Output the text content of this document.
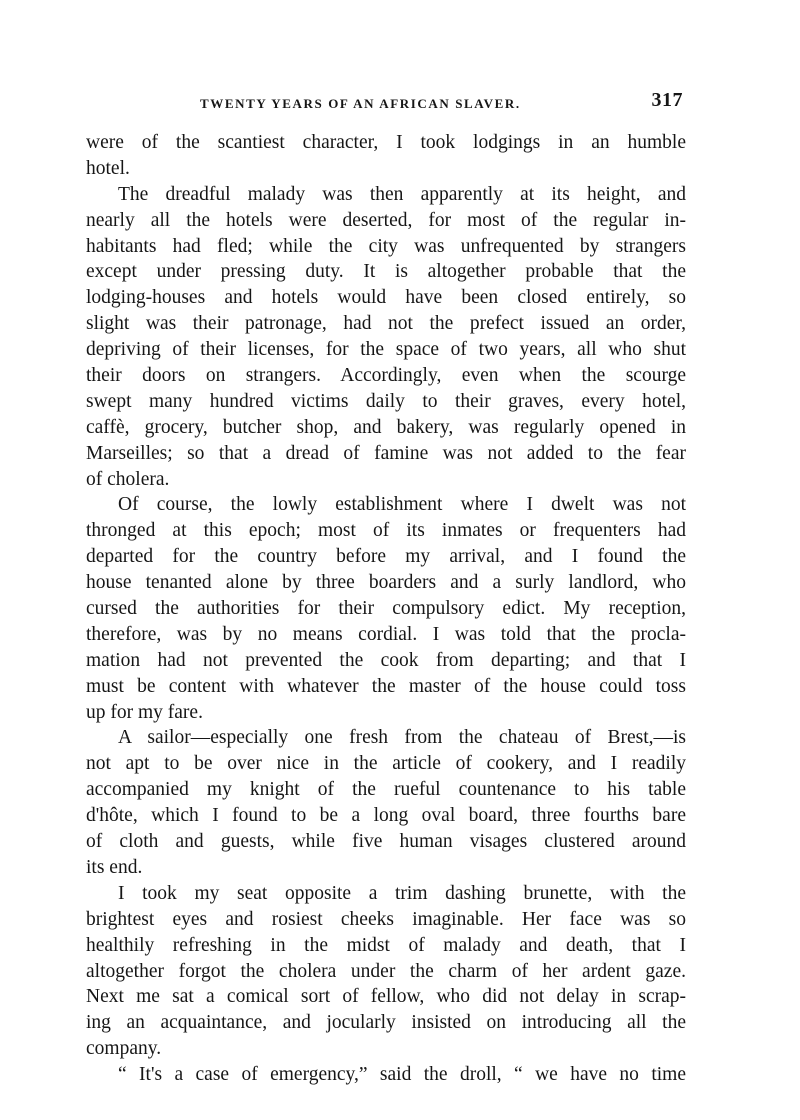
TWENTY YEARS OF AN AFRICAN SLAVER.	317
were of the scantiest character, I took lodgings in an humble
hotel.
The dreadful malady was then apparently at its height, and
nearly all the hotels were deserted, for most of the regular in-
habitants had fled; while the city was unfrequented by strangers
except under pressing duty. It is altogether probable that the
lodging-houses and hotels would have been closed entirely, so
slight was their patronage, had not the prefect issued an order,
depriving of their licenses, for the space of two years, all who shut
their doors on strangers. Accordingly, even when the scourge
swept many hundred victims daily to their graves, every hotel,
caffè, grocery, butcher shop, and bakery, was regularly opened in
Marseilles; so that a dread of famine was not added to the fear
of cholera.
Of course, the lowly establishment where I dwelt was not
thronged at this epoch; most of its inmates or frequenters had
departed for the country before my arrival, and I found the
house tenanted alone by three boarders and a surly landlord, who
cursed the authorities for their compulsory edict. My reception,
therefore, was by no means cordial. I was told that the procla-
mation had not prevented the cook from departing; and that I
must be content with whatever the master of the house could toss
up for my fare.
A sailor—especially one fresh from the chateau of Brest,—is
not apt to be over nice in the article of cookery, and I readily
accompanied my knight of the rueful countenance to his table
d'hôte, which I found to be a long oval board, three fourths bare
of cloth and guests, while five human visages clustered around
its end.
I took my seat opposite a trim dashing brunette, with the
brightest eyes and rosiest cheeks imaginable. Her face was so
healthily refreshing in the midst of malady and death, that I
altogether forgot the cholera under the charm of her ardent gaze.
Next me sat a comical sort of fellow, who did not delay in scrap-
ing an acquaintance, and jocularly insisted on introducing all the
company.
“ It's a case of emergency,” said the droll, “ we have no time
